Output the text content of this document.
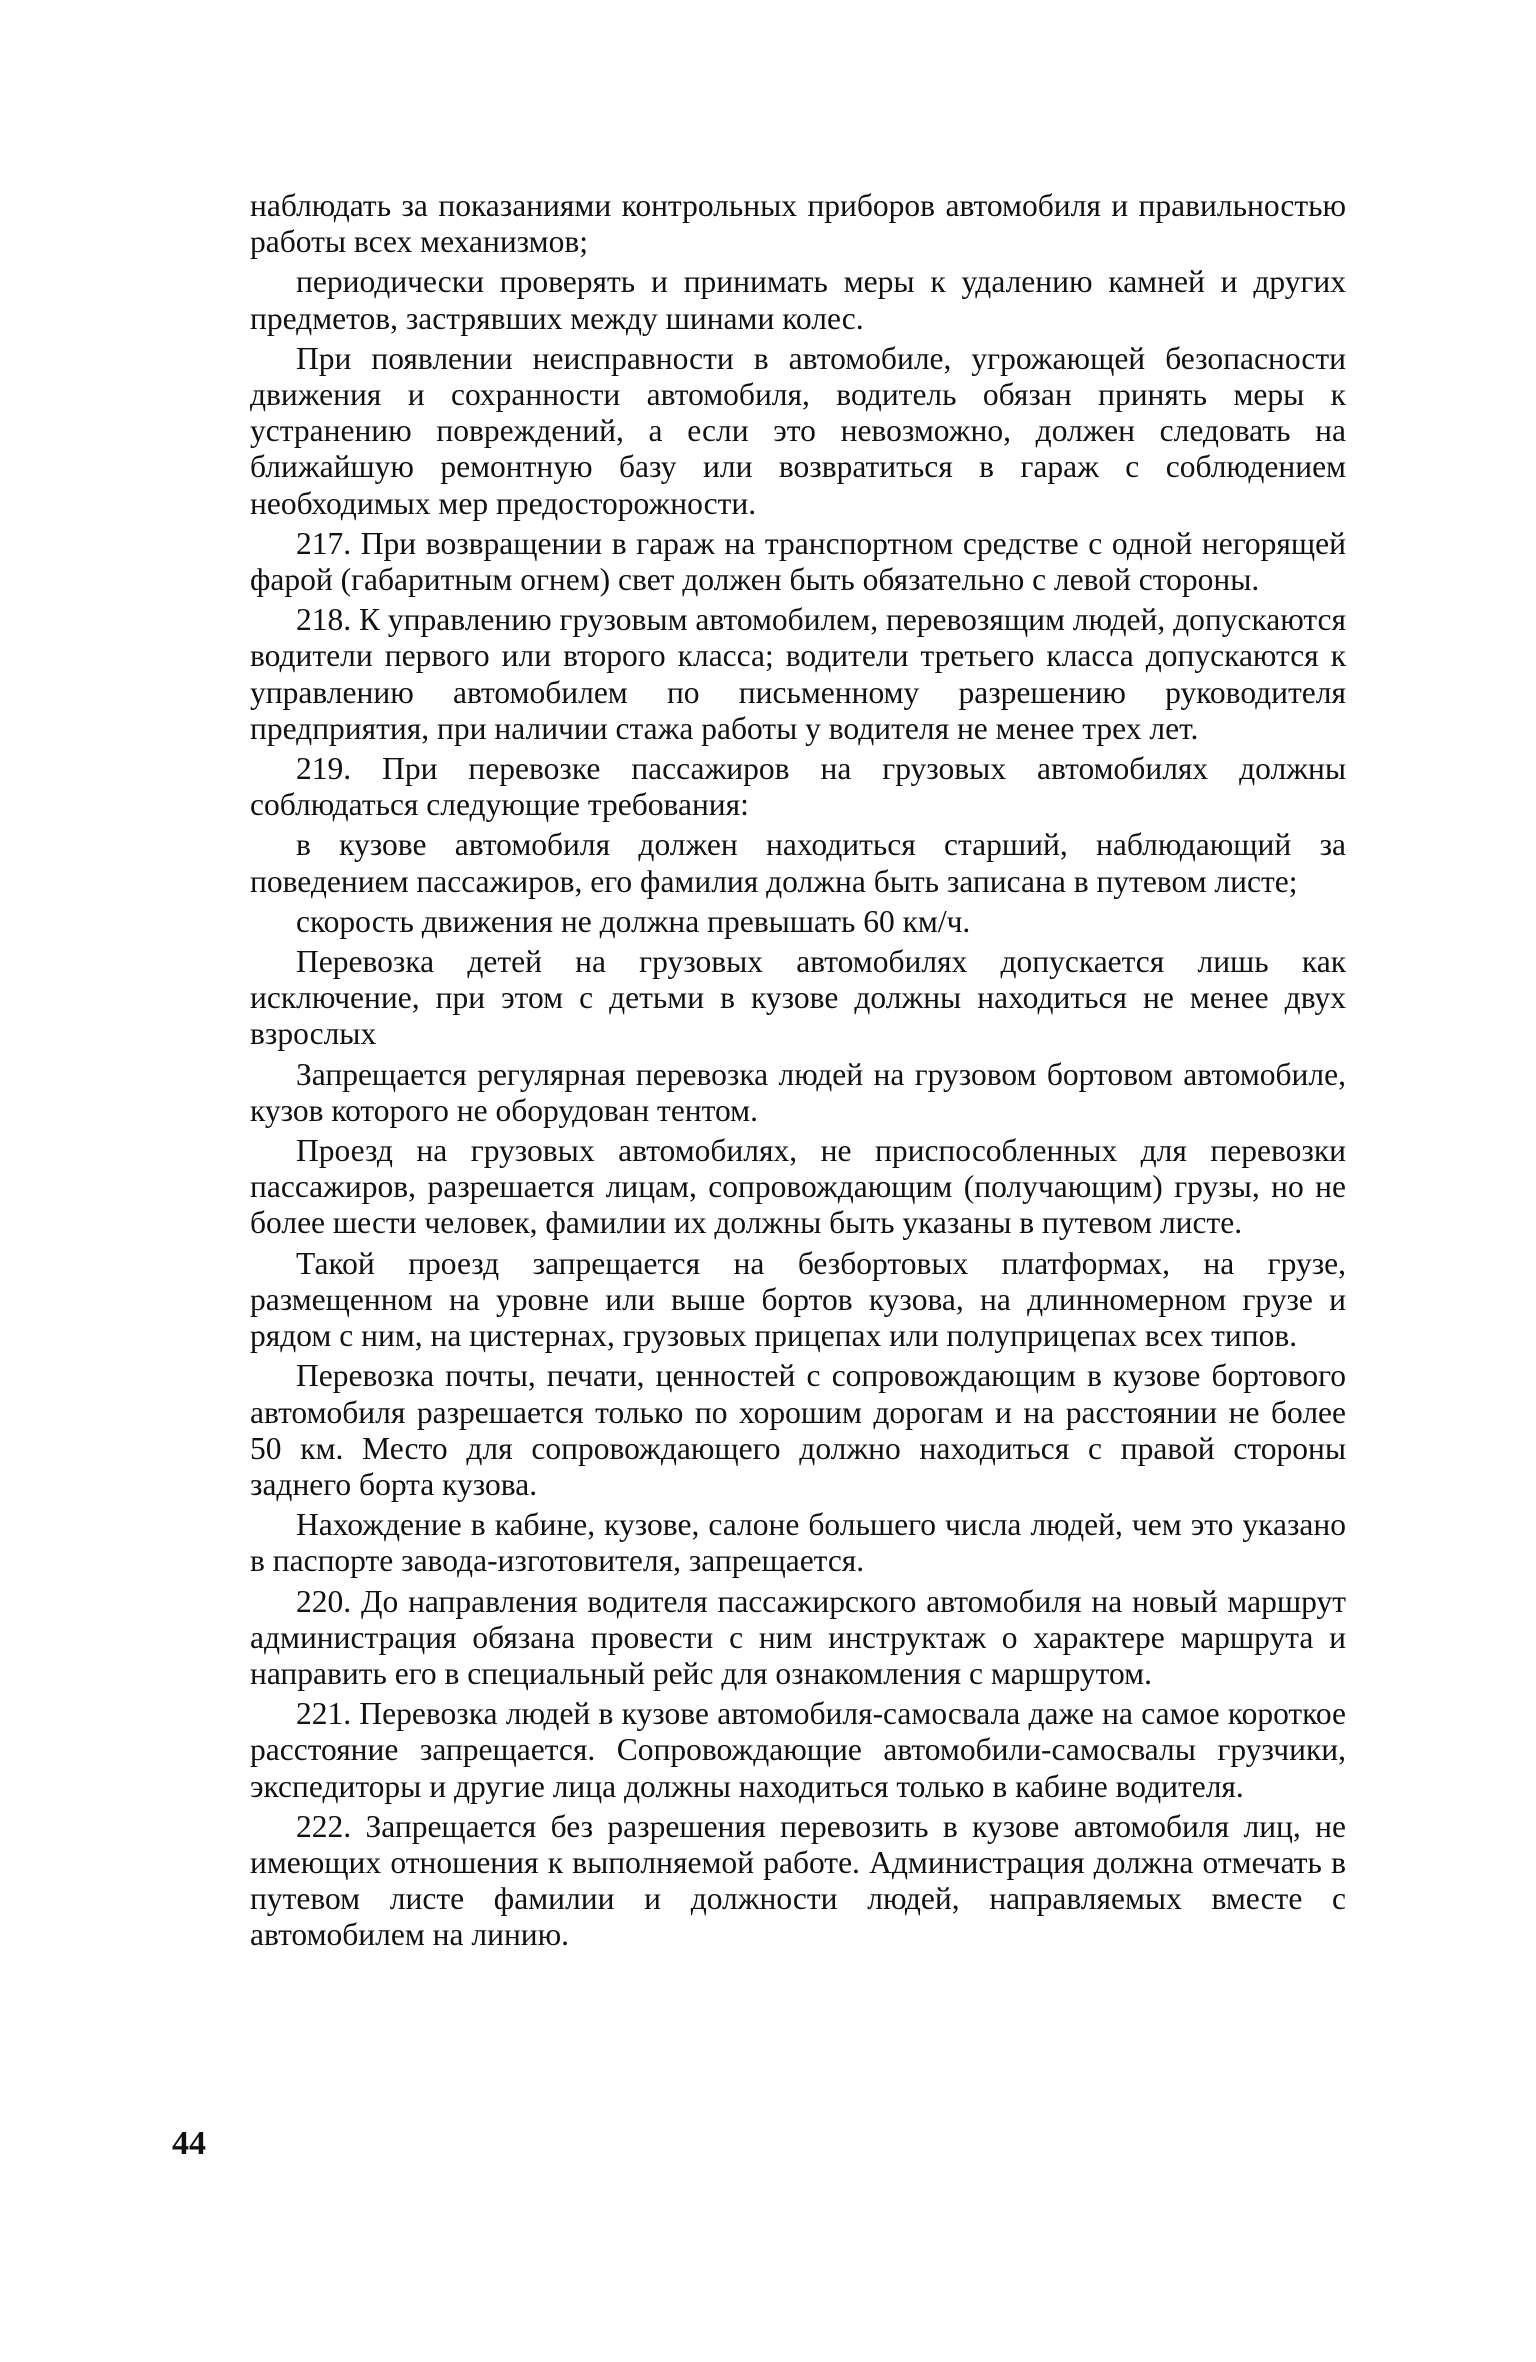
наблюдать за показаниями контрольных приборов автомобиля и правильностью работы всех механизмов;

периодически проверять и принимать меры к удалению камней и других предметов, застрявших между шинами колес.

При появлении неисправности в автомобиле, угрожающей безопасности движения и сохранности автомобиля, водитель обязан принять меры к устранению повреждений, а если это невозможно, должен следовать на ближайшую ремонтную базу или возвратиться в гараж с соблюдением необходимых мер предосторожности.

217. При возвращении в гараж на транспортном средстве с одной негорящей фарой (габаритным огнем) свет должен быть обязательно с левой стороны.

218. К управлению грузовым автомобилем, перевозящим людей, допускаются водители первого или второго класса; водители третьего класса допускаются к управлению автомобилем по письменному разрешению руководителя предприятия, при наличии стажа работы у водителя не менее трех лет.

219. При перевозке пассажиров на грузовых автомобилях должны соблюдаться следующие требования:

в кузове автомобиля должен находиться старший, наблюдающий за поведением пассажиров, его фамилия должна быть записана в путевом листе;

скорость движения не должна превышать 60 км/ч.

Перевозка детей на грузовых автомобилях допускается лишь как исключение, при этом с детьми в кузове должны находиться не менее двух взрослых

Запрещается регулярная перевозка людей на грузовом бортовом автомобиле, кузов которого не оборудован тентом.

Проезд на грузовых автомобилях, не приспособленных для перевозки пассажиров, разрешается лицам, сопровождающим (получающим) грузы, но не более шести человек, фамилии их должны быть указаны в путевом листе.

Такой проезд запрещается на безбортовых платформах, на грузе, размещенном на уровне или выше бортов кузова, на длинномерном грузе и рядом с ним, на цистернах, грузовых прицепах или полуприцепах всех типов.

Перевозка почты, печати, ценностей с сопровождающим в кузове бортового автомобиля разрешается только по хорошим дорогам и на расстоянии не более 50 км. Место для сопровождающего должно находиться с правой стороны заднего борта кузова.

Нахождение в кабине, кузове, салоне большего числа людей, чем это указано в паспорте завода-изготовителя, запрещается.

220. До направления водителя пассажирского автомобиля на новый маршрут администрация обязана провести с ним инструктаж о характере маршрута и направить его в специальный рейс для ознакомления с маршрутом.

221. Перевозка людей в кузове автомобиля-самосвала даже на самое короткое расстояние запрещается. Сопровождающие автомобили-самосвалы грузчики, экспедиторы и другие лица должны находиться только в кабине водителя.

222. Запрещается без разрешения перевозить в кузове автомобиля лиц, не имеющих отношения к выполняемой работе. Администрация должна отмечать в путевом листе фамилии и должности людей, направляемых вместе с автомобилем на линию.

44
